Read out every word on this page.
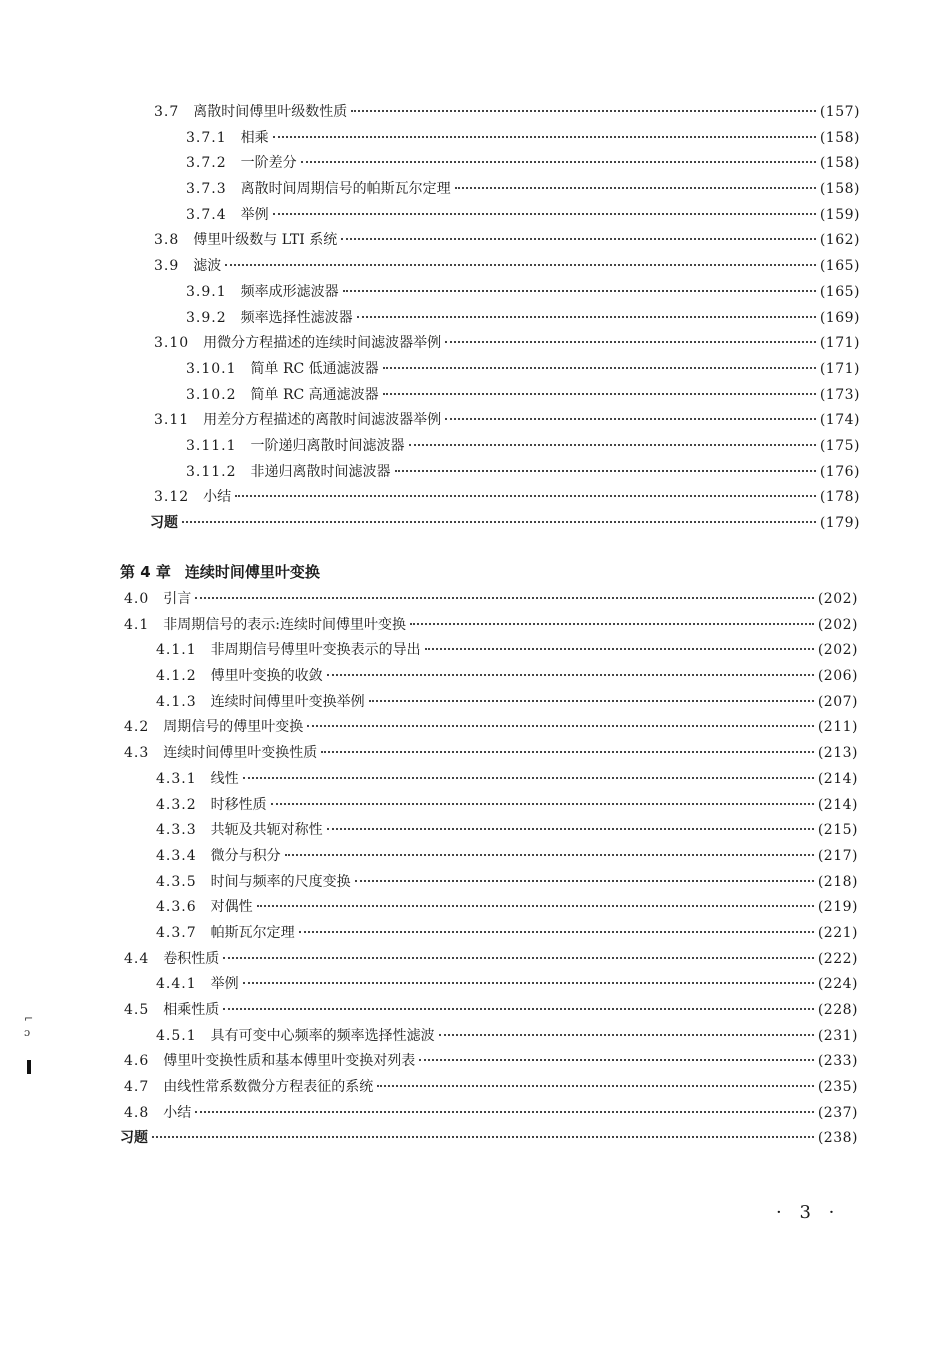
3.7 离散时间傅里叶级数性质	(157)
3.7.1 相乘	(158)
3.7.2 一阶差分	(158)
3.7.3 离散时间周期信号的帕斯瓦尔定理	(158)
3.7.4 举例	(159)
3.8 傅里叶级数与 LTI 系统	(162)
3.9 滤波	(165)
3.9.1 频率成形滤波器	(165)
3.9.2 频率选择性滤波器	(169)
3.10 用微分方程描述的连续时间滤波器举例	(171)
3.10.1 简单 RC 低通滤波器	(171)
3.10.2 简单 RC 高通滤波器	(173)
3.11 用差分方程描述的离散时间滤波器举例	(174)
3.11.1 一阶递归离散时间滤波器	(175)
3.11.2 非递归离散时间滤波器	(176)
3.12 小结	(178)
习题	(179)
第 4 章 连续时间傅里叶变换
4.0 引言	(202)
4.1 非周期信号的表示:连续时间傅里叶变换	(202)
4.1.1 非周期信号傅里叶变换表示的导出	(202)
4.1.2 傅里叶变换的收敛	(206)
4.1.3 连续时间傅里叶变换举例	(207)
4.2 周期信号的傅里叶变换	(211)
4.3 连续时间傅里叶变换性质	(213)
4.3.1 线性	(214)
4.3.2 时移性质	(214)
4.3.3 共轭及共轭对称性	(215)
4.3.4 微分与积分	(217)
4.3.5 时间与频率的尺度变换	(218)
4.3.6 对偶性	(219)
4.3.7 帕斯瓦尔定理	(221)
4.4 卷积性质	(222)
4.4.1 举例	(224)
4.5 相乘性质	(228)
4.5.1 具有可变中心频率的频率选择性滤波	(231)
4.6 傅里叶变换性质和基本傅里叶变换对列表	(233)
4.7 由线性常系数微分方程表征的系统	(235)
4.8 小结	(237)
习题	(238)
⌐
ɔ
· 3 ·
